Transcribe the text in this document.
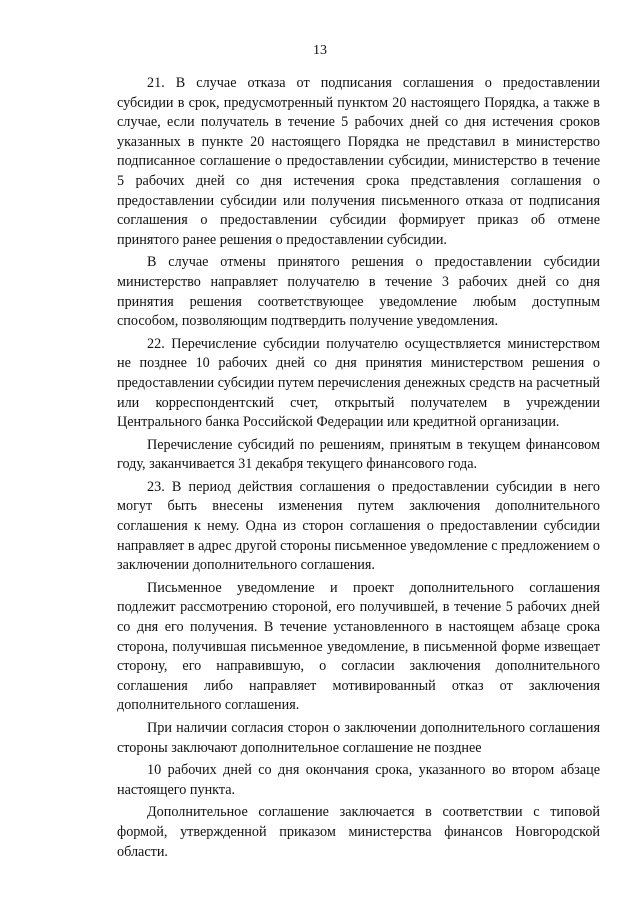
13

21. В случае отказа от подписания соглашения о предоставлении субсидии в срок, предусмотренный пунктом 20 настоящего Порядка, а также в случае, если получатель в течение 5 рабочих дней со дня истечения сроков указанных в пункте 20 настоящего Порядка не представил в министерство подписанное соглашение о предоставлении субсидии, министерство в течение 5 рабочих дней со дня истечения срока представления соглашения о предоставлении субсидии или получения письменного отказа от подписания соглашения о предоставлении субсидии формирует приказ об отмене принятого ранее решения о предоставлении субсидии.

В случае отмены принятого решения о предоставлении субсидии министерство направляет получателю в течение 3 рабочих дней со дня принятия решения соответствующее уведомление любым доступным способом, позволяющим подтвердить получение уведомления.

22. Перечисление субсидии получателю осуществляется министерством не позднее 10 рабочих дней со дня принятия министерством решения о предоставлении субсидии путем перечисления денежных средств на расчетный или корреспондентский счет, открытый получателем в учреждении Центрального банка Российской Федерации или кредитной организации.

Перечисление субсидий по решениям, принятым в текущем финансовом году, заканчивается 31 декабря текущего финансового года.

23. В период действия соглашения о предоставлении субсидии в него могут быть внесены изменения путем заключения дополнительного соглашения к нему. Одна из сторон соглашения о предоставлении субсидии направляет в адрес другой стороны письменное уведомление с предложением о заключении дополнительного соглашения.

Письменное уведомление и проект дополнительного соглашения подлежит рассмотрению стороной, его получившей, в течение 5 рабочих дней со дня его получения. В течение установленного в настоящем абзаце срока сторона, получившая письменное уведомление, в письменной форме извещает сторону, его направившую, о согласии заключения дополнительного соглашения либо направляет мотивированный отказ от заключения дополнительного соглашения.

При наличии согласия сторон о заключении дополнительного соглашения стороны заключают дополнительное соглашение не позднее

10 рабочих дней со дня окончания срока, указанного во втором абзаце настоящего пункта.

Дополнительное соглашение заключается в соответствии с типовой формой, утвержденной приказом министерства финансов Новгородской области.
